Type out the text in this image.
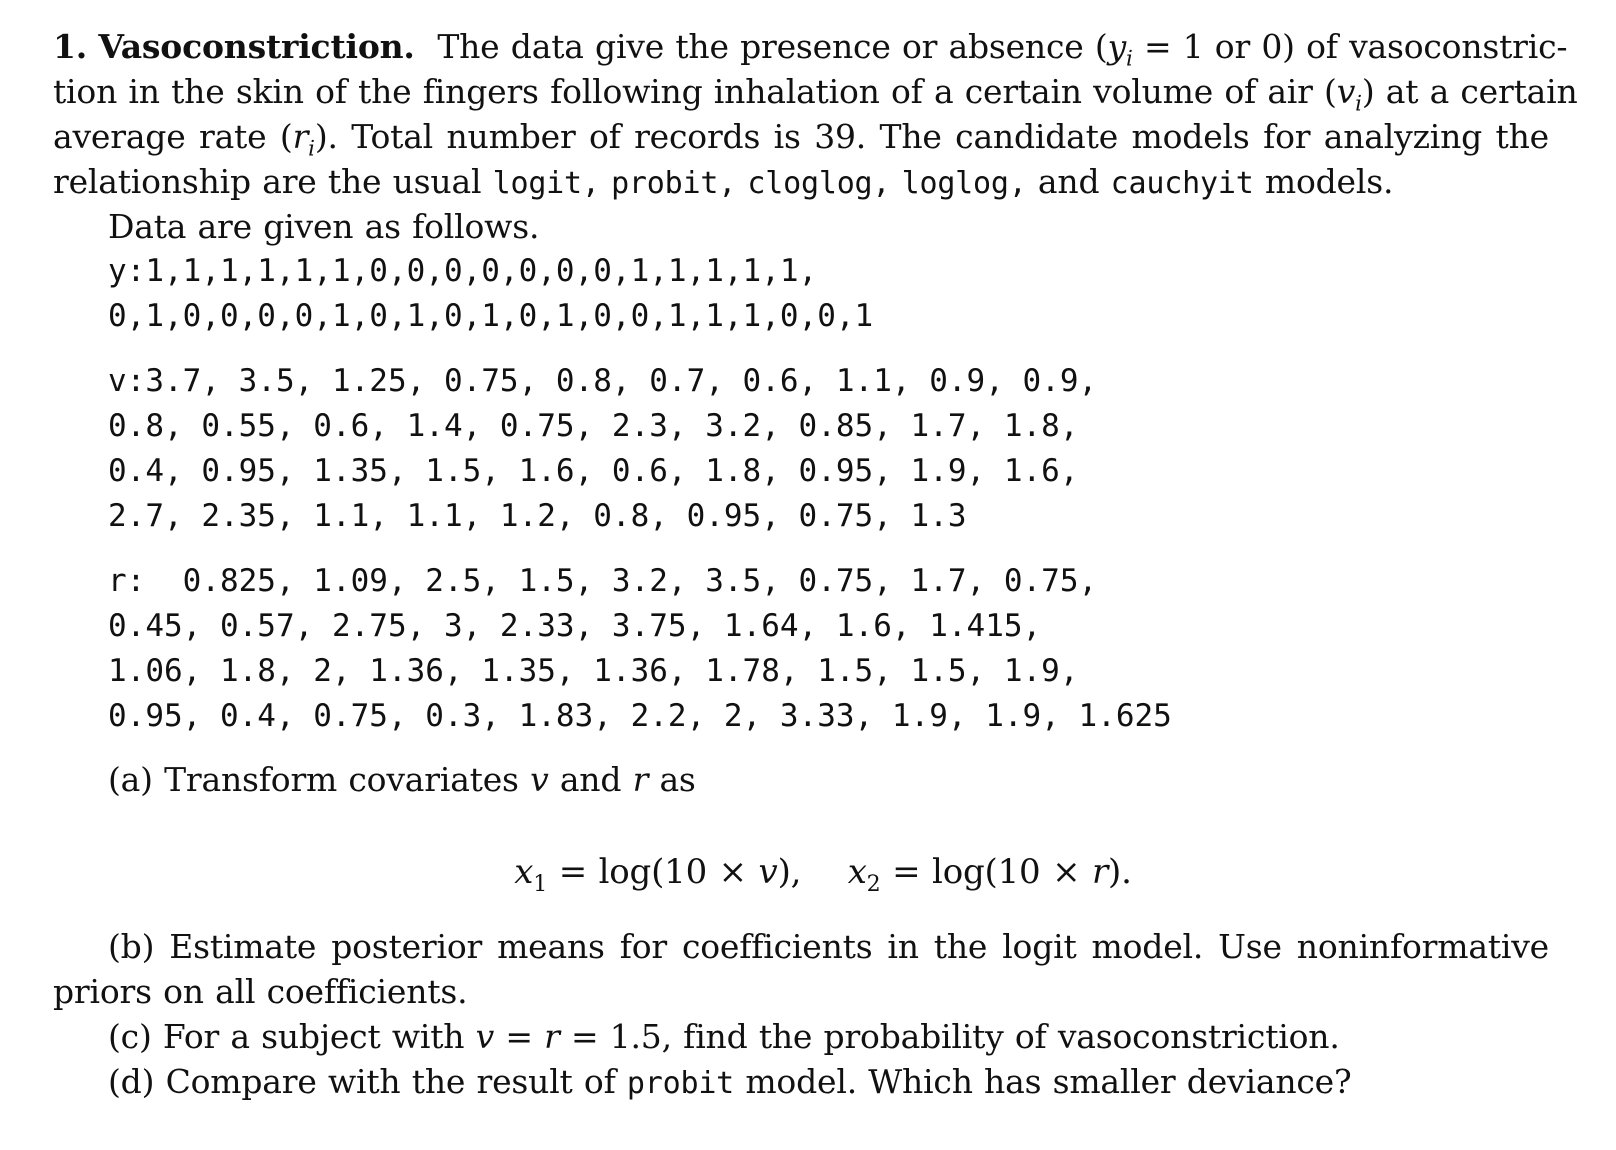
1. Vasoconstriction. The data give the presence or absence ($y_i = 1$ or 0) of vasoconstric-
tion in the skin of the fingers following inhalation of a certain volume of air $(v_i)$ at a certain
average rate $(r_i)$. Total number of records is 39. The candidate models for analyzing the
relationship are the usual logit, probit, cloglog, loglog, and cauchyit models.
Data are given as follows.
y:1,1,1,1,1,1,0,0,0,0,0,0,0,1,1,1,1,1,
0,1,0,0,0,0,1,0,1,0,1,0,1,0,0,1,1,1,0,0,1
v:3.7, 3.5, 1.25, 0.75, 0.8, 0.7, 0.6, 1.1, 0.9, 0.9,
0.8, 0.55, 0.6, 1.4, 0.75, 2.3, 3.2, 0.85, 1.7, 1.8,
0.4, 0.95, 1.35, 1.5, 1.6, 0.6, 1.8, 0.95, 1.9, 1.6,
2.7, 2.35, 1.1, 1.1, 1.2, 0.8, 0.95, 0.75, 1.3
r:  0.825, 1.09, 2.5, 1.5, 3.2, 3.5, 0.75, 1.7, 0.75,
0.45, 0.57, 2.75, 3, 2.33, 3.75, 1.64, 1.6, 1.415,
1.06, 1.8, 2, 1.36, 1.35, 1.36, 1.78, 1.5, 1.5, 1.9,
0.95, 0.4, 0.75, 0.3, 1.83, 2.2, 2, 3.33, 1.9, 1.9, 1.625
(a) Transform covariates v and r as
$x_1 = \log(10 \times v)$, $x_2 = \log(10 \times r)$.
(b) Estimate posterior means for coefficients in the logit model. Use noninformative
priors on all coefficients.
(c) For a subject with v = r = 1.5, find the probability of vasoconstriction.
(d) Compare with the result of probit model. Which has smaller deviance?
